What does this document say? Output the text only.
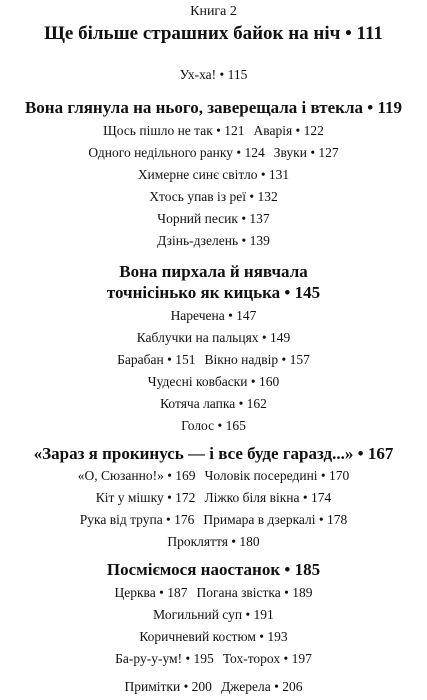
Книга 2
Ще більше страшних байок на ніч • 111
Ух-ха! • 115
Вона глянула на нього, заверещала і втекла • 119
Щось пішло не так • 121 Аварія • 122
Одного недільного ранку • 124 Звуки • 127
Химерне синє світло • 131
Хтось упав із реї • 132
Чорний песик • 137
Дзінь-дзелень • 139
Вона пирхала й нявчала
точнісінько як кицька • 145
Наречена • 147
Каблучки на пальцях • 149
Барабан • 151 Вікно надвір • 157
Чудесні ковбаски • 160
Котяча лапка • 162
Голос • 165
«Зараз я прокинусь — і все буде гаразд...» • 167
«О, Сюзанно!» • 169 Чоловік посередині • 170
Кіт у мішку • 172 Ліжко біля вікна • 174
Рука від трупа • 176 Примара в дзеркалі • 178
Прокляття • 180
Посміємося наостанок • 185
Церква • 187 Погана звістка • 189
Могильний суп • 191
Коричневий костюм • 193
Ба-ру-у-ум! • 195 Тох-торох • 197
Примітки • 200 Джерела • 206
